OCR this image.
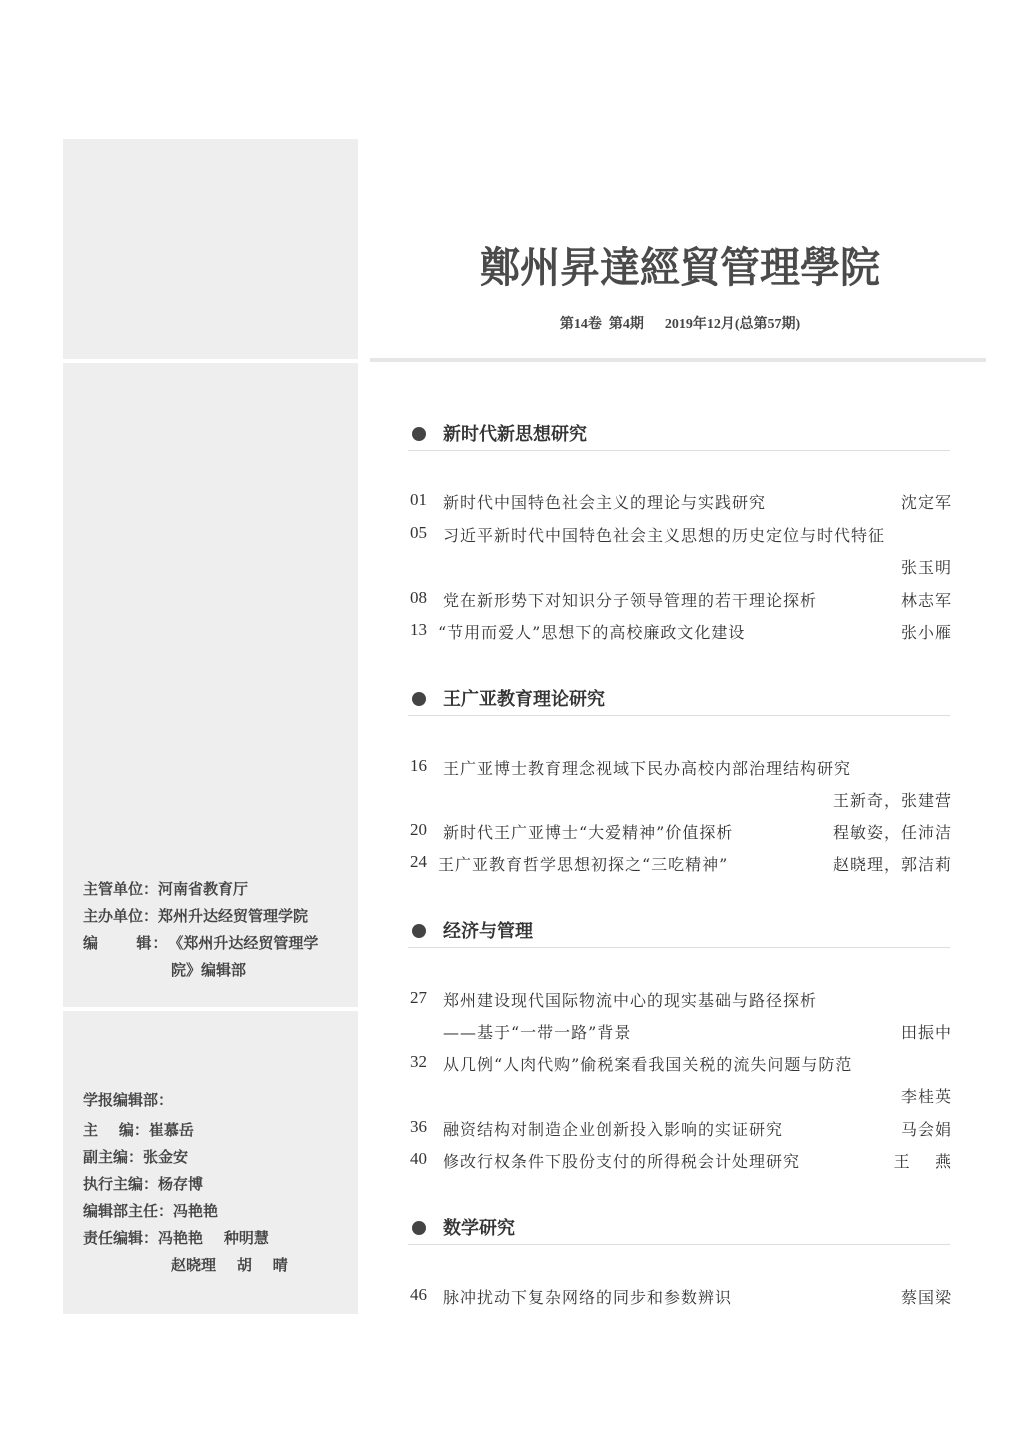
主管单位： 河南省教育厅
主办单位： 郑州升达经贸管理学院
编      辑： 《郑州升达经贸管理学
院》编辑部
学报编辑部：
主    编： 崔慕岳
副主编： 张金安
执行主编： 杨存博
编辑部主任： 冯艳艳
责任编辑： 冯艳艳    种明慧
赵晓理    胡    晴
鄭州昇達經貿管理學院
第14卷  第4期      2019年12月(总第57期)
新时代新思想研究
01 新时代中国特色社会主义的理论与实践研究	沈定军
05 习近平新时代中国特色社会主义思想的历史定位与时代特征
张玉明
08 党在新形势下对知识分子领导管理的若干理论探析	林志军
13 “节用而爱人”思想下的高校廉政文化建设	张小雁
王广亚教育理论研究
16 王广亚博士教育理念视域下民办高校内部治理结构研究
王新奇，张建营
20 新时代王广亚博士“大爱精神”价值探析	程敏姿，任沛洁
24 王广亚教育哲学思想初探之“三吃精神”	赵晓理，郭洁莉
经济与管理
27 郑州建设现代国际物流中心的现实基础与路径探析
——基于“一带一路”背景	田振中
32 从几例“人肉代购”偷税案看我国关税的流失问题与防范
李桂英
36 融资结构对制造企业创新投入影响的实证研究	马会娟
40 修改行权条件下股份支付的所得税会计处理研究	王    燕
数学研究
46 脉冲扰动下复杂网络的同步和参数辨识	蔡国梁
